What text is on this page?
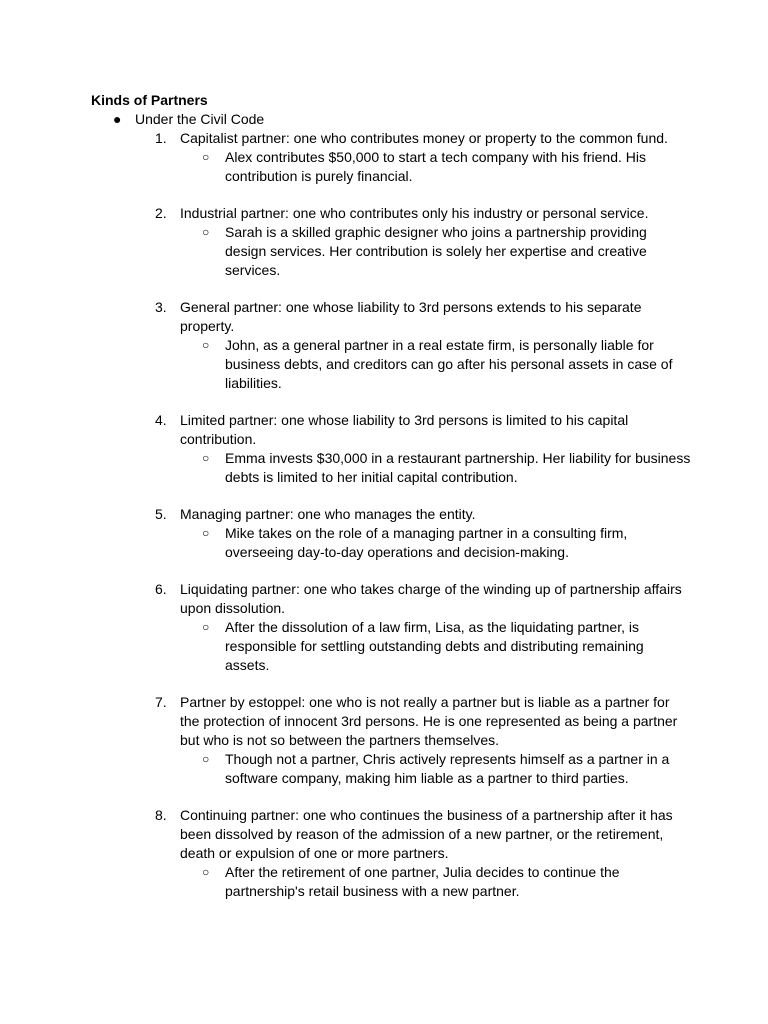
Kinds of Partners
● Under the Civil Code
1. Capitalist partner: one who contributes money or property to the common fund.
○ Alex contributes $50,000 to start a tech company with his friend. His contribution is purely financial.
2. Industrial partner: one who contributes only his industry or personal service.
○ Sarah is a skilled graphic designer who joins a partnership providing design services. Her contribution is solely her expertise and creative services.
3. General partner: one whose liability to 3rd persons extends to his separate property.
○ John, as a general partner in a real estate firm, is personally liable for business debts, and creditors can go after his personal assets in case of liabilities.
4. Limited partner: one whose liability to 3rd persons is limited to his capital contribution.
○ Emma invests $30,000 in a restaurant partnership. Her liability for business debts is limited to her initial capital contribution.
5. Managing partner: one who manages the entity.
○ Mike takes on the role of a managing partner in a consulting firm, overseeing day-to-day operations and decision-making.
6. Liquidating partner: one who takes charge of the winding up of partnership affairs upon dissolution.
○ After the dissolution of a law firm, Lisa, as the liquidating partner, is responsible for settling outstanding debts and distributing remaining assets.
7. Partner by estoppel: one who is not really a partner but is liable as a partner for the protection of innocent 3rd persons. He is one represented as being a partner but who is not so between the partners themselves.
○ Though not a partner, Chris actively represents himself as a partner in a software company, making him liable as a partner to third parties.
8. Continuing partner: one who continues the business of a partnership after it has been dissolved by reason of the admission of a new partner, or the retirement, death or expulsion of one or more partners.
○ After the retirement of one partner, Julia decides to continue the partnership's retail business with a new partner.
